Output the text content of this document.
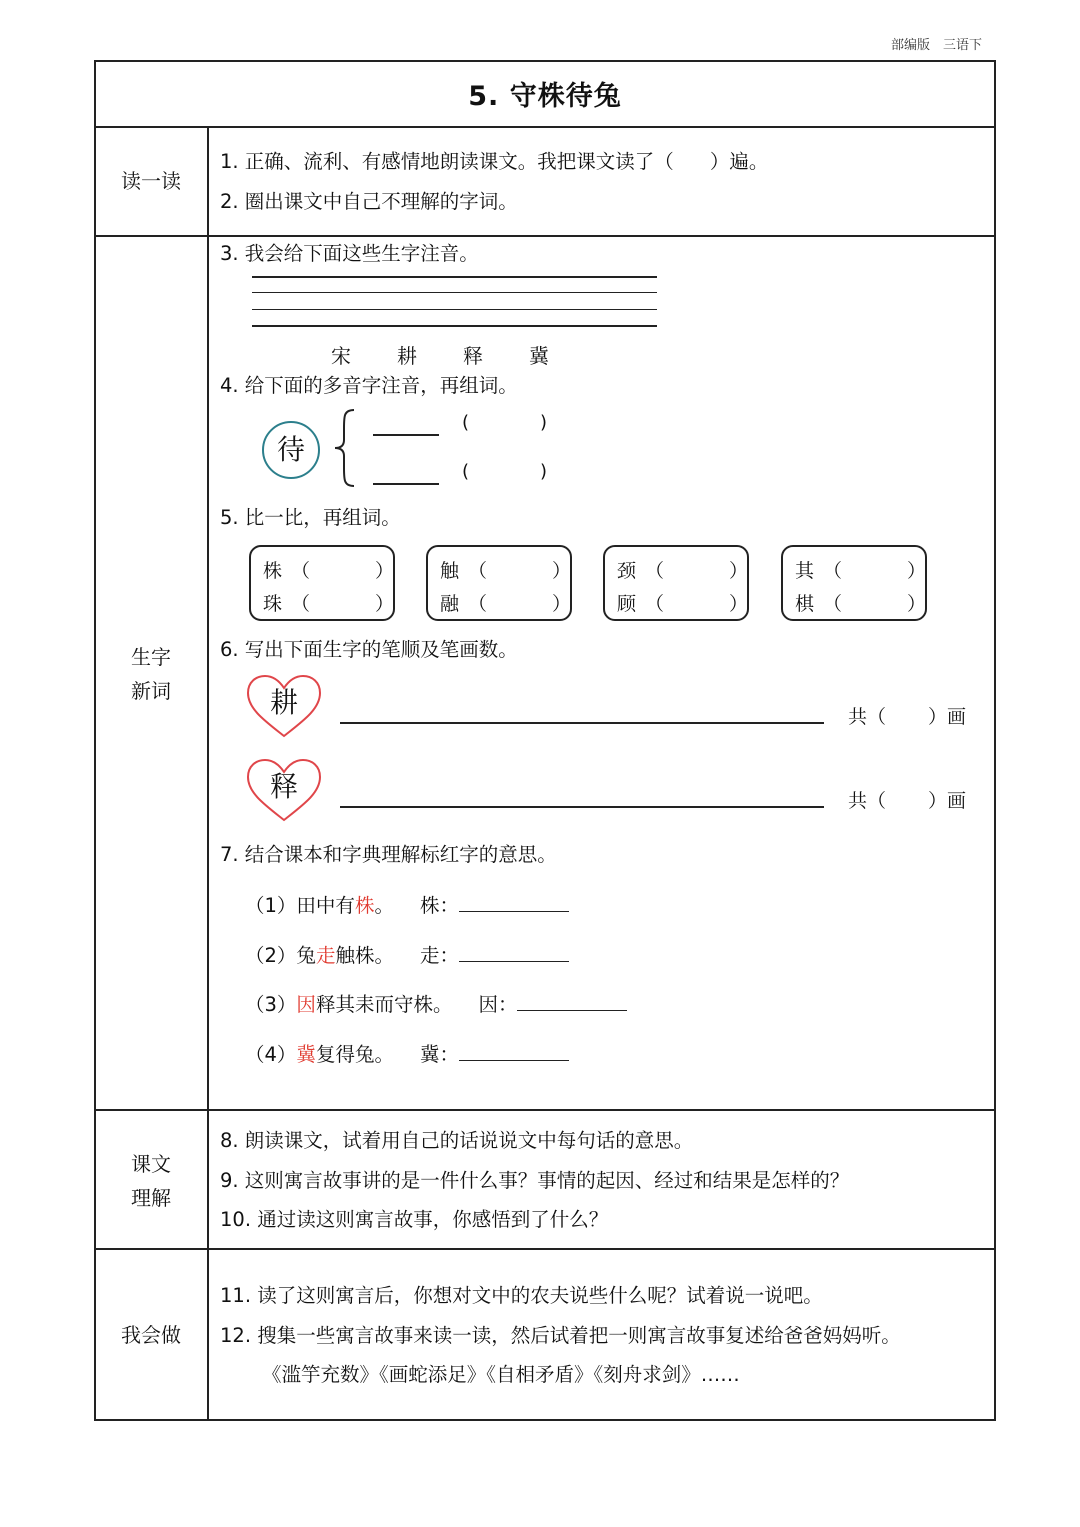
部编版　三语下
5. 守株待兔
读一读
1. 正确、流利、有感情地朗读课文。我把课文读了（ ）遍。
2. 圈出课文中自己不理解的字词。
生字
新词
3. 我会给下面这些生字注音。
宋 耕 释 冀
4. 给下面的多音字注音，再组词。
待
(	)
(	)
5. 比一比，再组词。
株 （	）
珠 （	）
触 （	）
融 （	）
颈 （	）
顾 （	）
其 （	）
棋 （	）
6. 写出下面生字的笔顺及笔画数。
耕	共（ ）画
释	共（ ）画
7. 结合课本和字典理解标红字的意思。
（1）田中有株。 株：
（2）兔走触株。 走：
（3）因释其耒而守株。 因：
（4）冀复得兔。 冀：
课文
理解
8. 朗读课文，试着用自己的话说说文中每句话的意思。
9. 这则寓言故事讲的是一件什么事？事情的起因、经过和结果是怎样的？
10. 通过读这则寓言故事，你感悟到了什么？
我会做
11. 读了这则寓言后，你想对文中的农夫说些什么呢？试着说一说吧。
12. 搜集一些寓言故事来读一读，然后试着把一则寓言故事复述给爸爸妈妈听。
《滥竽充数》《画蛇添足》《自相矛盾》《刻舟求剑》……
